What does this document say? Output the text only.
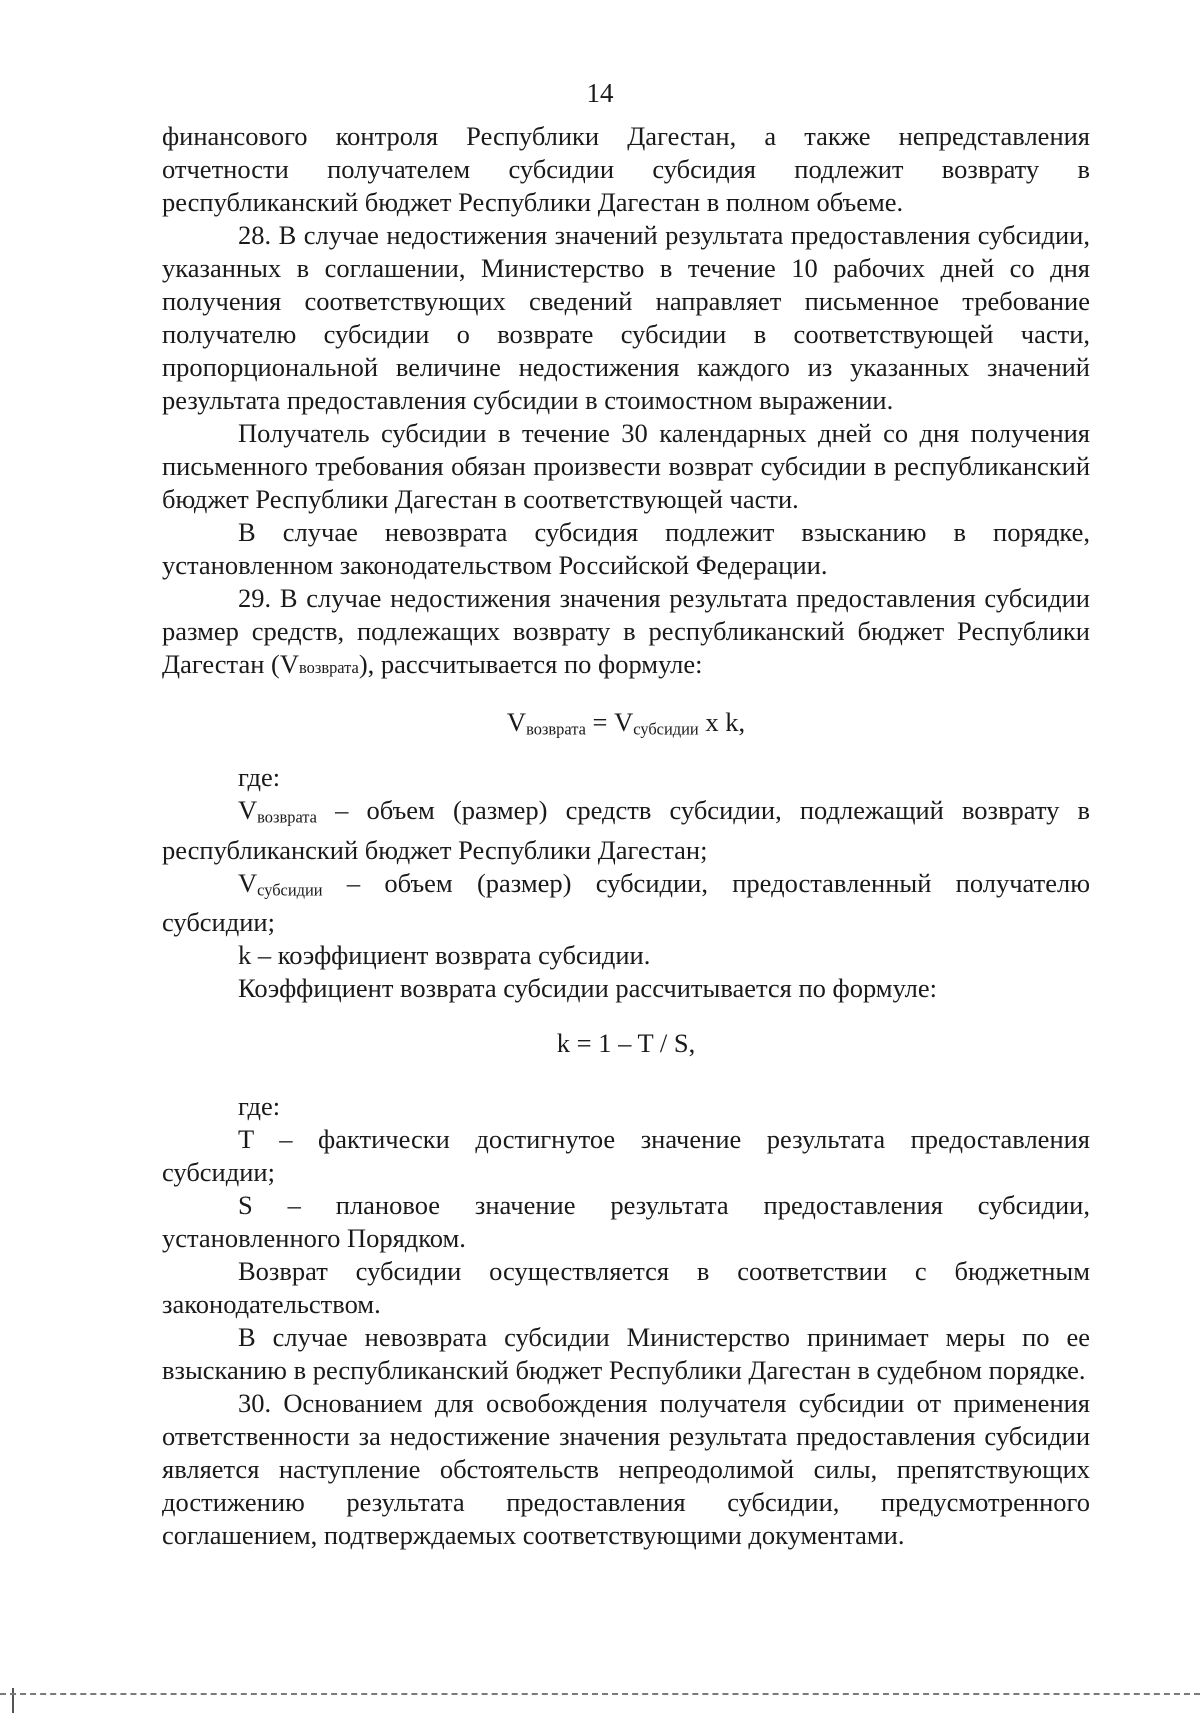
14

финансового контроля Республики Дагестан, а также непредставления отчетности получателем субсидии субсидия подлежит возврату в республиканский бюджет Республики Дагестан в полном объеме.

28. В случае недостижения значений результата предоставления субсидии, указанных в соглашении, Министерство в течение 10 рабочих дней со дня получения соответствующих сведений направляет письменное требование получателю субсидии о возврате субсидии в соответствующей части, пропорциональной величине недостижения каждого из указанных значений результата предоставления субсидии в стоимостном выражении.

Получатель субсидии в течение 30 календарных дней со дня получения письменного требования обязан произвести возврат субсидии в республиканский бюджет Республики Дагестан в соответствующей части.

В случае невозврата субсидия подлежит взысканию в порядке, установленном законодательством Российской Федерации.

29. В случае недостижения значения результата предоставления субсидии размер средств, подлежащих возврату в республиканский бюджет Республики Дагестан (Vвозврата), рассчитывается по формуле:

$V_{возврата} = V_{субсидии}$ x k,

где:

$V_{возврата}$ – объем (размер) средств субсидии, подлежащий возврату в республиканский бюджет Республики Дагестан;

$V_{субсидии}$ – объем (размер) субсидии, предоставленный получателю субсидии;

k – коэффициент возврата субсидии.

Коэффициент возврата субсидии рассчитывается по формуле:

k = 1 – T / S,

где:

T – фактически достигнутое значение результата предоставления субсидии;

S – плановое значение результата предоставления субсидии, установленного Порядком.

Возврат субсидии осуществляется в соответствии с бюджетным законодательством.

В случае невозврата субсидии Министерство принимает меры по ее взысканию в республиканский бюджет Республики Дагестан в судебном порядке.

30. Основанием для освобождения получателя субсидии от применения ответственности за недостижение значения результата предоставления субсидии является наступление обстоятельств непреодолимой силы, препятствующих достижению результата предоставления субсидии, предусмотренного соглашением, подтверждаемых соответствующими документами.
